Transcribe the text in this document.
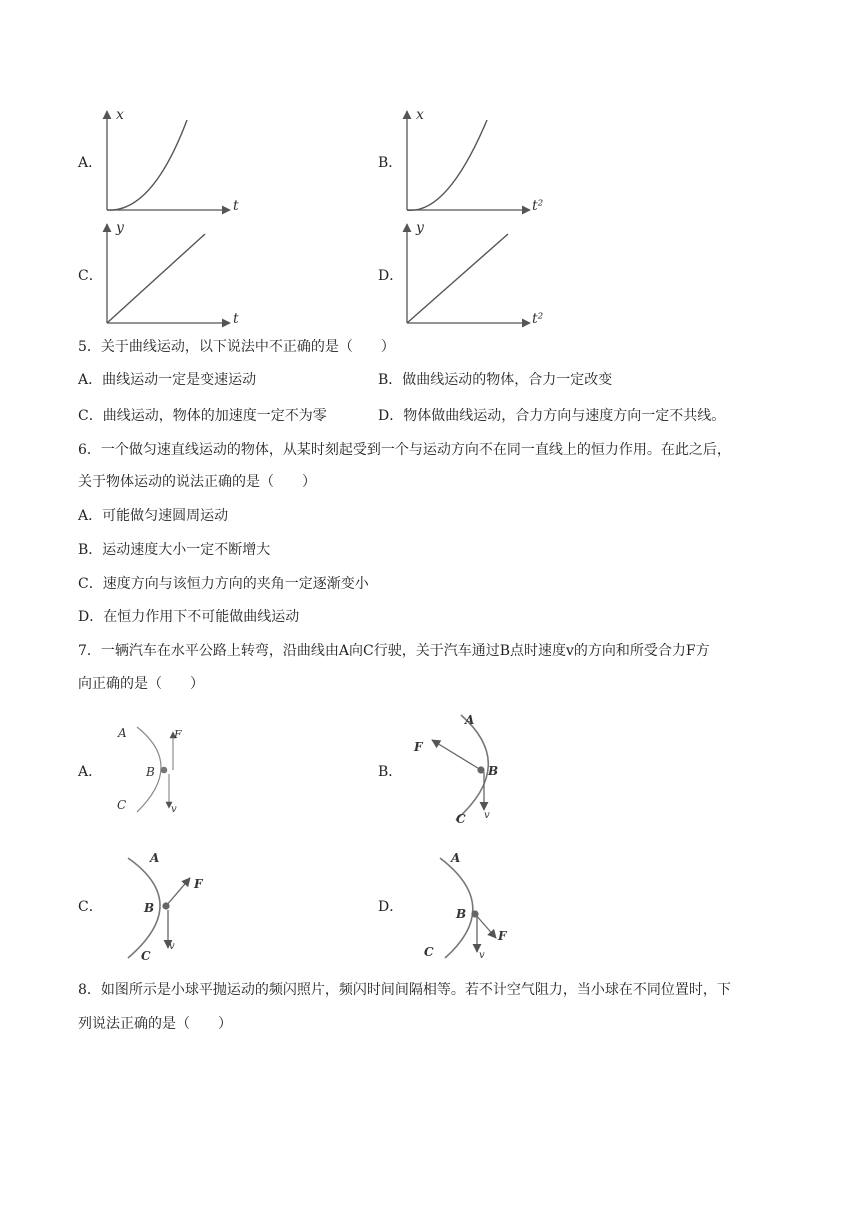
A．
x
t
B．
x
t²
C．
y
t
D．
y
t²
5．关于曲线运动，以下说法中不正确的是（　　）
A．曲线运动一定是变速运动	B．做曲线运动的物体，合力一定改变
C．曲线运动，物体的加速度一定不为零	D．物体做曲线运动，合力方向与速度方向一定不共线。
6．一个做匀速直线运动的物体，从某时刻起受到一个与运动方向不在同一直线上的恒力作用。在此之后，
关于物体运动的说法正确的是（　　）
A．可能做匀速圆周运动
B．运动速度大小一定不断增大
C．速度方向与该恒力方向的夹角一定逐渐变小
D．在恒力作用下不可能做曲线运动
7．一辆汽车在水平公路上转弯，沿曲线由A向C行驶，关于汽车通过B点时速度v的方向和所受合力F方
向正确的是（　　）
A．
A
B
C
F
v
B．
A
B
C
F
v
C．
A
B
C
F
v
D．
A
B
C
F
v
8．如图所示是小球平抛运动的频闪照片，频闪时间间隔相等。若不计空气阻力，当小球在不同位置时，下
列说法正确的是（　　）
